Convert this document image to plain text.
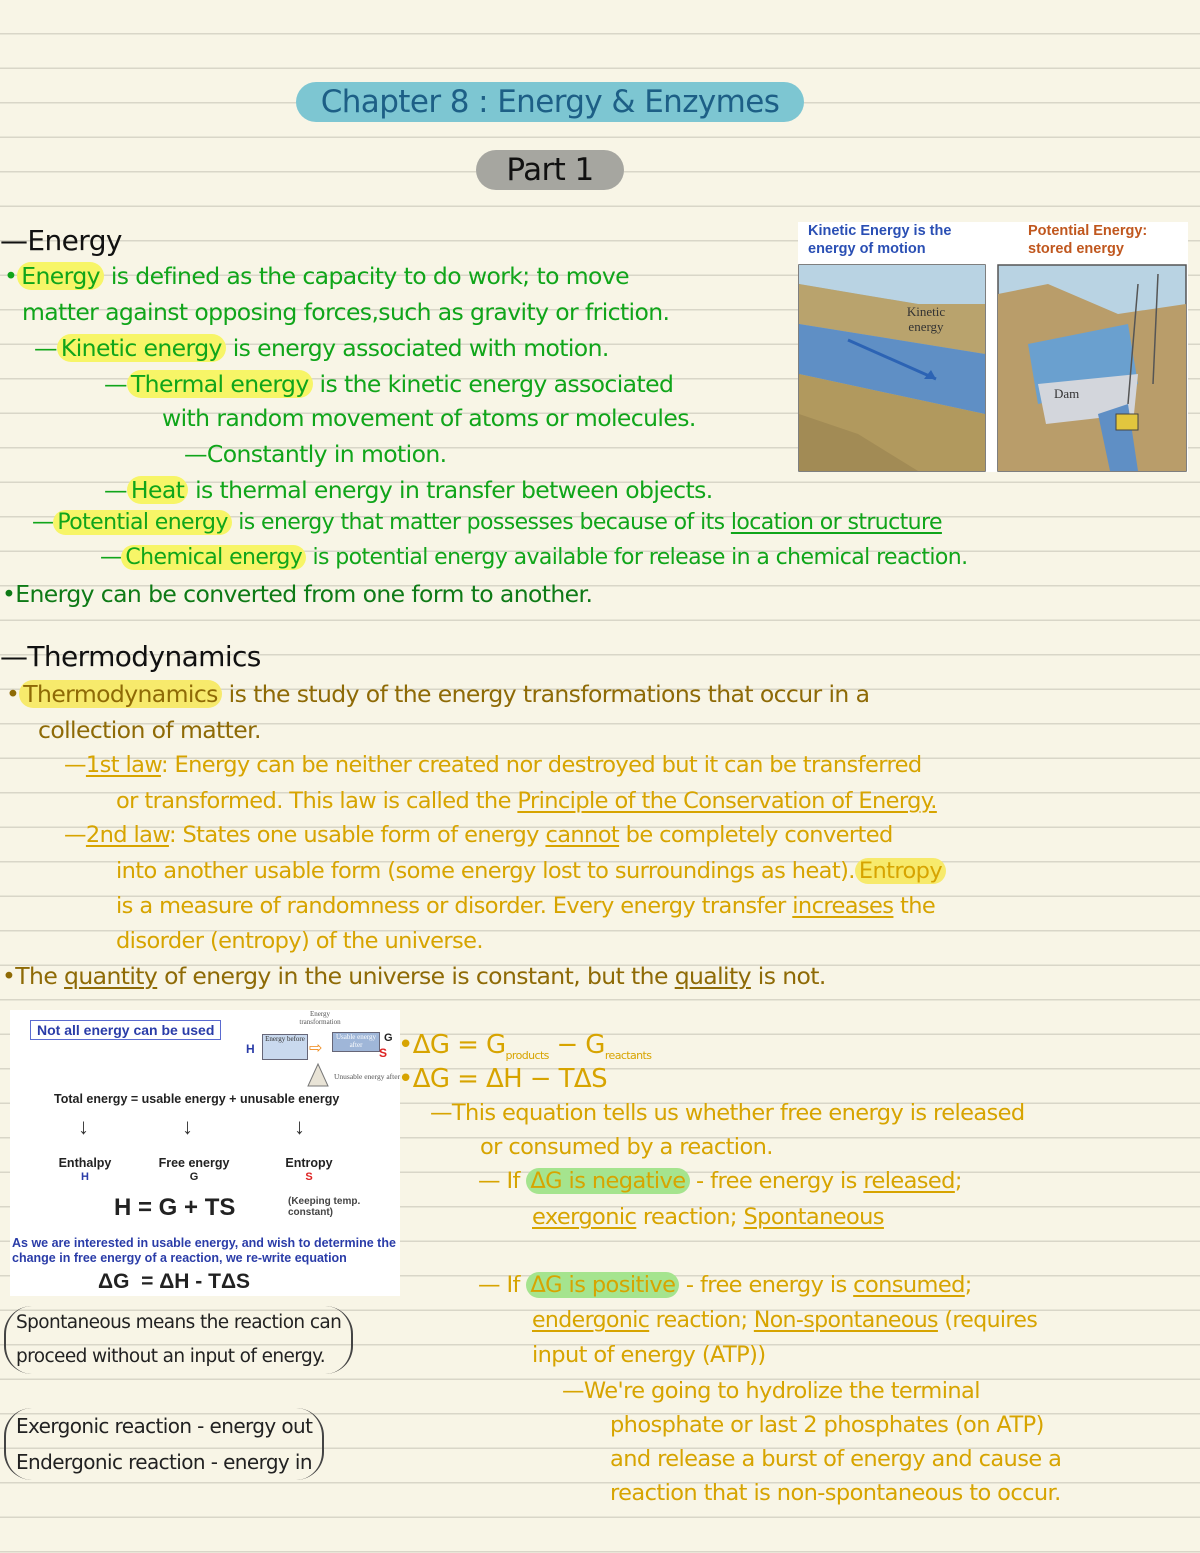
Chapter 8 : Energy & Enzymes
Part 1
—Energy
• Energy is defined as the capacity to do work; to move
matter against opposing forces,such as gravity or friction.
— Kinetic energy is energy associated with motion.
— Thermal energy is the kinetic energy associated
with random movement of atoms or molecules.
—Constantly in motion.
— Heat is thermal energy in transfer between objects.
— Potential energy is energy that matter possesses because of its location or structure
— Chemical energy is potential energy available for release in a chemical reaction.
•Energy can be converted from one form to another.
Kinetic Energy is the energy of motion
Potential Energy: stored energy
Kinetic energy
Dam
—Thermodynamics
• Thermodynamics is the study of the energy transformations that occur in a
collection of matter.
—1st law: Energy can be neither created nor destroyed but it can be transferred
or transformed. This law is called the Principle of the Conservation of Energy.
—2nd law: States one usable form of energy cannot be completely converted
into another usable form (some energy lost to surroundings as heat). Entropy
is a measure of randomness or disorder. Every energy transfer increases the
disorder (entropy) of the universe.
•The quantity of energy in the universe is constant, but the quality is not.
Not all energy can be used
Energy transformation
Energy before
⇨
Usable energy after
H
G
S
Unusable energy after
Total energy = usable energy + unusable energy
↓	↓	↓
Enthalpy
H
Free energy
G
Entropy
S
H = G + TS	(Keeping temp. constant)
As we are interested in usable energy, and wish to determine the change in free energy of a reaction, we re-write equation
ΔG  = ΔH - TΔS
•ΔG = $G_{products} - G_{reactants}$
•ΔG = ΔH − TΔS
—This equation tells us whether free energy is released
or consumed by a reaction.
— If ΔG is negative - free energy is released;
exergonic reaction; Spontaneous
— If ΔG is positive - free energy is consumed;
endergonic reaction; Non-spontaneous (requires
input of energy (ATP))
—We're going to hydrolize the terminal
phosphate or last 2 phosphates (on ATP)
and release a burst of energy and cause a
reaction that is non-spontaneous to occur.
Spontaneous means the reaction can
proceed without an input of energy.
Exergonic reaction - energy out
Endergonic reaction - energy in
